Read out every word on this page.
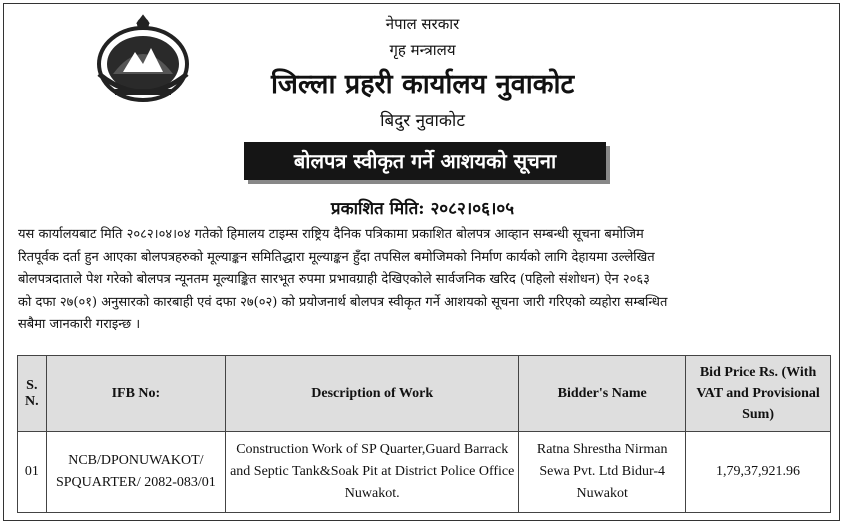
नेपाल सरकार
गृह मन्त्रालय
जिल्ला प्रहरी कार्यालय नुवाकोट
बिदुर नुवाकोट
बोलपत्र स्वीकृत गर्ने आशयको सूचना
प्रकाशित मिति: २०८२।०६।०५
यस कार्यालयबाट मिति २०८२।०४।०४ गतेको हिमालय टाइम्स राष्ट्रिय दैनिक पत्रिकामा प्रकाशित बोलपत्र आव्हान सम्बन्धी सूचना बमोजिम
रितपूर्वक दर्ता हुन आएका बोलपत्रहरुको मूल्याङ्कन समितिद्धारा मूल्याङ्कन हुँदा तपसिल बमोजिमको निर्माण कार्यको लागि देहायमा उल्लेखित
बोलपत्रदाताले पेश गरेको बोलपत्र न्यूनतम मूल्याङ्कित सारभूत रुपमा प्रभावग्राही देखिएकोले सार्वजनिक खरिद (पहिलो संशोधन) ऐन २०६३
को दफा २७(०१) अनुसारको कारबाही एवं दफा २७(०२) को प्रयोजनार्थ बोलपत्र स्वीकृत गर्ने आशयको सूचना जारी गरिएको व्यहोरा सम्बन्धित
सबैमा जानकारी गराइन्छ ।
S. N.	IFB No:	Description of Work	Bidder's Name	Bid Price Rs. (With VAT and Provisional Sum)
01	NCB/DPONUWAKOT/ SPQUARTER/ 2082-083/01	Construction Work of SP Quarter,Guard Barrack and Septic Tank&Soak Pit at District Police Office Nuwakot.	Ratna Shrestha Nirman Sewa Pvt. Ltd Bidur-4 Nuwakot	1,79,37,921.96
